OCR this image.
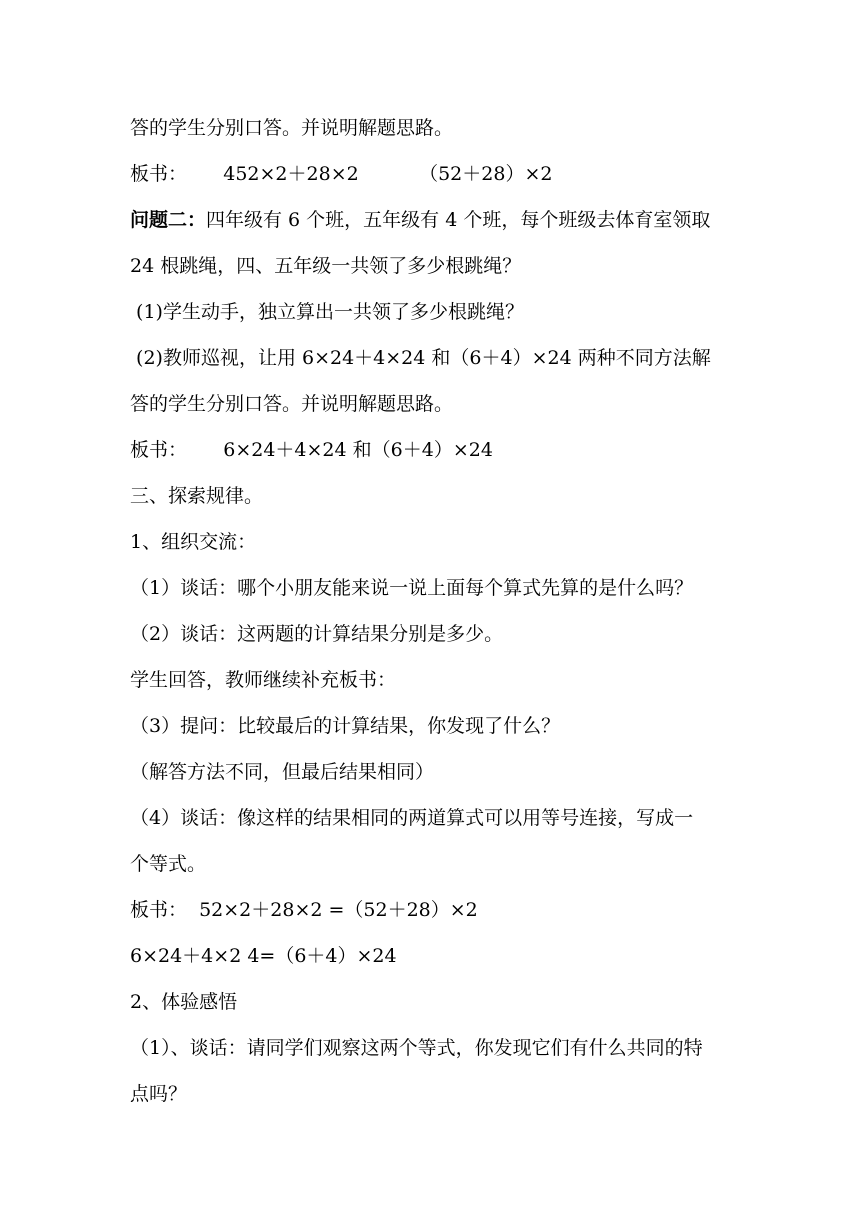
答的学生分别口答。并说明解题思路。
板书：      452×2＋28×2          （52＋28）×2
问题二：四年级有 6 个班，五年级有 4 个班，每个班级去体育室领取
24 根跳绳，四、五年级一共领了多少根跳绳？
(1)学生动手，独立算出一共领了多少根跳绳？
(2)教师巡视，让用 6×24＋4×24 和（6＋4）×24 两种不同方法解
答的学生分别口答。并说明解题思路。
板书：      6×24＋4×24 和（6＋4）×24
三、探索规律。
1、组织交流：
（1）谈话：哪个小朋友能来说一说上面每个算式先算的是什么吗？
（2）谈话：这两题的计算结果分别是多少。
学生回答，教师继续补充板书：
（3）提问：比较最后的计算结果，你发现了什么？
（解答方法不同，但最后结果相同）
（4）谈话：像这样的结果相同的两道算式可以用等号连接，写成一
个等式。
板书：  52×2＋28×2 =（52＋28）×2
6×24＋4×2 4=（6＋4）×24
2、体验感悟
（1）、谈话：请同学们观察这两个等式，你发现它们有什么共同的特
点吗？
